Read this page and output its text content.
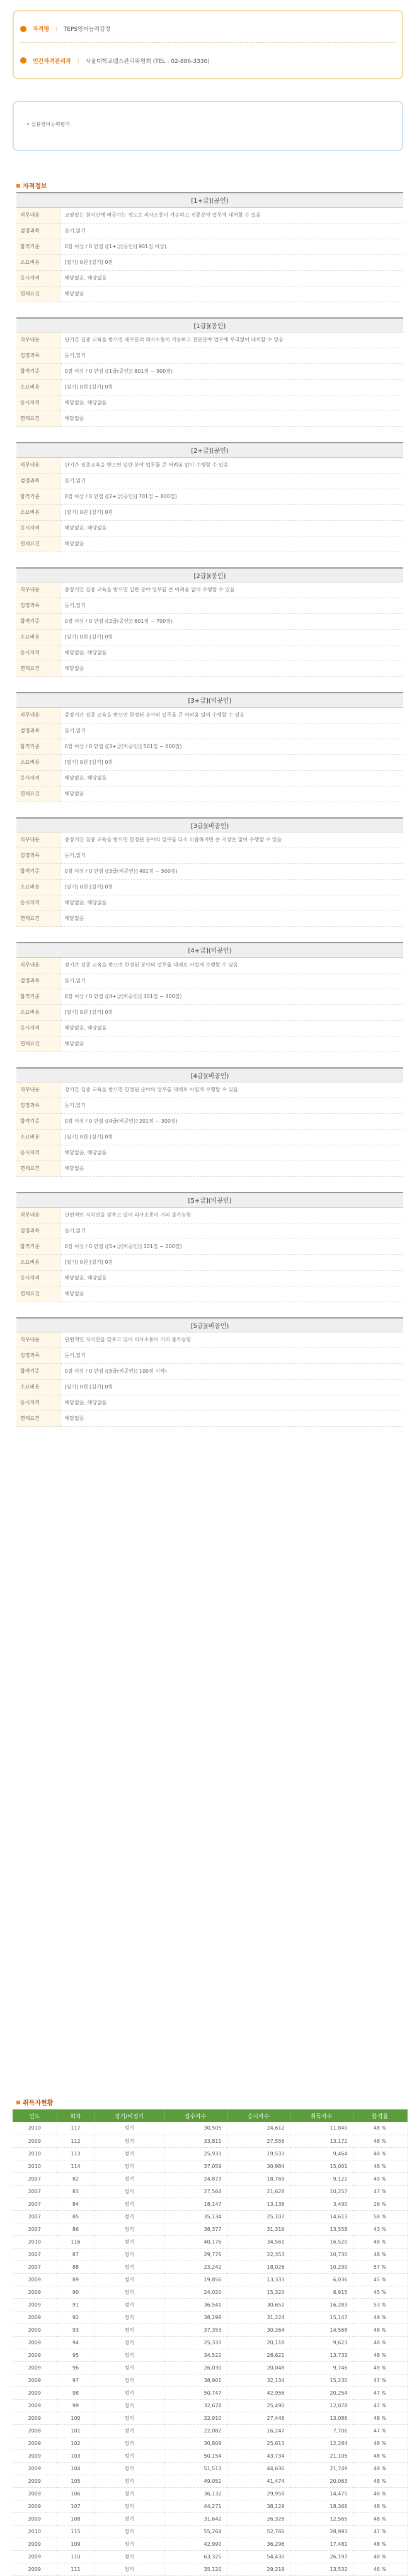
자격명 | TEPS영어능력검정
민간자격관리자 | 서울대학교텝스관리위원회 (TEL : 02-886-3330)
• 실용영어능력평가
자격정보
[1+급](공인)	
직무내용	교양있는 원어민에 버금가는 정도로 의사소통이 가능하고 전문분야 업무에 대처할 수 있음
검정과목	듣기,읽기
합격기준	0점 이상 / 0 만점 ([1+급(공인)] 901점 이상)
소요비용	[필기] 0원 [실기] 0원
응시자격	해당없음, 해당없음
면제요건	해당없음
[1급](공인)	
직무내용	단기간 집중 교육을 받으면 대부분의 의사소통이 가능하고 전문분야 업무에 무리없이 대처할 수 있음
검정과목	듣기,읽기
합격기준	0점 이상 / 0 만점 ([1급(공인)] 801점 ~ 900점)
소요비용	[필기] 0원 [실기] 0원
응시자격	해당없음, 해당없음
면제요건	해당없음
[2+급](공인)	
직무내용	단기간 집중교육을 받으면 일반 분야 업무를 큰 어려움 없이 수행할 수 있음
검정과목	듣기,읽기
합격기준	0점 이상 / 0 만점 ([2+급(공인)] 701점 ~ 800점)
소요비용	[필기] 0원 [실기] 0원
응시자격	해당없음, 해당없음
면제요건	해당없음
[2급](공인)	
직무내용	중장기간 집중 교육을 받으면 일반 분야 업무를 큰 어려움 없이 수행할 수 있음
검정과목	듣기,읽기
합격기준	0점 이상 / 0 만점 ([2급(공인)] 601점 ~ 700점)
소요비용	[필기] 0원 [실기] 0원
응시자격	해당없음, 해당없음
면제요건	해당없음
[3+급](비공인)	
직무내용	중장기간 집중 교육을 받으면 한정된 분야의 업무를 큰 어려움 없이 수행할 수 있음
검정과목	듣기,읽기
합격기준	0점 이상 / 0 만점 ([3+급(비공인)] 501점 ~ 600점)
소요비용	[필기] 0원 [실기] 0원
응시자격	해당없음, 해당없음
면제요건	해당없음
[3급](비공인)	
직무내용	중장기간 집중 교육을 받으면 한정된 분야의 업무를 다소 미흡하지만 큰 지장은 없이 수행할 수 있음
검정과목	듣기,읽기
합격기준	0점 이상 / 0 만점 ([3급(비공인)] 401점 ~ 500점)
소요비용	[필기] 0원 [실기] 0원
응시자격	해당없음, 해당없음
면제요건	해당없음
[4+급](비공인)	
직무내용	장기간 집중 교육을 받으면 한정된 분야의 업무를 대체로 어렵게 수행할 수 있음
검정과목	듣기,읽기
합격기준	0점 이상 / 0 만점 ([4+급(비공인)] 301점 ~ 400점)
소요비용	[필기] 0원 [실기] 0원
응시자격	해당없음, 해당없음
면제요건	해당없음
[4급](비공인)	
직무내용	장기간 집중 교육을 받으면 한정된 분야의 업무를 대체로 어렵게 수행할 수 있음
검정과목	듣기,읽기
합격기준	0점 이상 / 0 만점 ([4급(비공인)] 201점 ~ 300점)
소요비용	[필기] 0원 [실기] 0원
응시자격	해당없음, 해당없음
면제요건	해당없음
[5+급](비공인)	
직무내용	단편적인 지식만을 갖추고 있어 의사소통이 거의 불가능함
검정과목	듣기,읽기
합격기준	0점 이상 / 0 만점 ([5+급(비공인)] 101점 ~ 200점)
소요비용	[필기] 0원 [실기] 0원
응시자격	해당없음, 해당없음
면제요건	해당없음
[5급](비공인)	
직무내용	단편적인 지식만을 갖추고 있어 의사소통이 거의 불가능함
검정과목	듣기,읽기
합격기준	0점 이상 / 0 만점 ([5급(비공인)] 100점 이하)
소요비용	[필기] 0원 [실기] 0원
응시자격	해당없음, 해당없음
면제요건	해당없음
취득자현황
연도	회차	정기/비정기	접수자수	응시자수	취득자수	합격률
2010	117	정기	30,505	24,612	11,840	48 %
2009	112	정기	33,811	27,556	13,172	48 %
2010	113	정기	25,933	19,533	9,464	48 %
2010	114	정기	37,059	30,984	15,001	48 %
2007	82	정기	24,873	18,769	9,122	49 %
2007	83	정기	27,564	21,628	10,257	47 %
2007	84	정기	18,147	13,136	3,490	26 %
2007	85	정기	35,134	25,107	14,613	58 %
2007	86	정기	38,377	31,319	13,558	43 %
2010	116	정기	40,176	34,561	16,520	48 %
2007	87	정기	29,776	22,353	10,730	48 %
2007	88	정기	23,242	18,026	10,290	57 %
2009	89	정기	19,856	13,333	6,036	45 %
2009	90	정기	24,020	15,320	6,915	45 %
2009	91	정기	36,541	30,652	16,283	53 %
2009	92	정기	38,298	31,224	15,147	49 %
2009	93	정기	37,353	30,264	14,568	48 %
2009	94	정기	25,333	20,118	9,623	48 %
2009	95	정기	34,522	28,621	13,733	48 %
2009	96	정기	26,030	20,048	9,746	49 %
2009	97	정기	38,901	32,134	15,230	47 %
2009	98	정기	50,747	42,956	20,254	47 %
2009	99	정기	32,678	25,490	12,078	47 %
2009	100	정기	32,910	27,446	13,086	48 %
2008	101	정기	22,082	16,247	7,706	47 %
2009	102	정기	30,809	25,613	12,284	48 %
2009	103	정기	50,154	43,734	21,105	48 %
2009	104	정기	51,513	44,636	21,749	49 %
2009	105	정기	49,052	41,474	20,063	48 %
2009	106	정기	36,132	29,958	14,475	48 %
2009	107	정기	44,271	38,129	18,366	48 %
2009	108	정기	31,642	26,328	12,565	48 %
2010	115	정기	55,264	52,766	28,993	47 %
2009	109	정기	42,990	36,296	17,481	48 %
2009	110	정기	63,325	54,430	26,197	48 %
2009	111	정기	35,120	29,219	13,532	46 %
